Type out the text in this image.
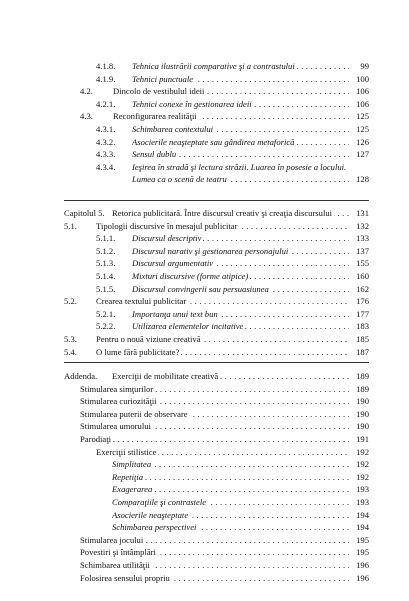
4.1.8. Tehnica ilustrării comparative şi a contrastului . . .	99
4.1.9. Tehnici punctuale . . .	100
4.2. Dincolo de vestibulul ideii . . .	106
4.2.1. Tehnici conexe în gestionarea ideii . . .	106
4.3. Reconfigurarea realităţii . . .	125
4.3.1. Schimbarea contextului . . .	125
4.3.2. Asocierile neaşteptate sau gândirea metaforică . . .	126
4.3.3. Sensul dublu . . .	127
4.3.4. Ieşirea în stradă şi lectura străzii. Luarea în posesie a locului.
Lumea ca o scenă de teatru . . .	128
Capitolul 5. Retorica publicitară. Între discursul creativ şi creaţia discursului . . .	131
5.1. Tipologii discursive în mesajul publicitar . . .	132
5.1.1. Discursul descriptiv . . .	133
5.1.2. Discursul narativ şi gestionarea personajului . . .	137
5.1.3. Discursul argumentativ . . .	155
5.1.4. Mixturi discursive (forme atipice) . . .	160
5.1.5. Discursul convingerii sau persuasiunea . . .	162
5.2. Crearea textului publicitar . . .	176
5.2.1. Importanţa unui text bun . . .	177
5.2.2. Utilizarea elementelor incitative . . .	183
5.3. Pentru o nouă viziune creativă . . .	185
5.4. O lume fără publicitate? . . .	187
Addenda. Exerciţii de mobilitate creativă . . .	189
Stimularea simţurilor . . .	189
Stimularea curiozităţii . . .	190
Stimularea puterii de observare . . .	190
Stimularea umorului . . .	190
Parodiaţi . . .	191
Exerciţii stilistice . . .	192
Simplitatea . . .	192
Repetiţia . . .	192
Exagerarea . . .	193
Comparaţiile şi contrastele . . .	193
Asocierile neaşteptate . . .	194
Schimbarea perspectivei . . .	194
Stimularea jocului . . .	195
Povestiri şi întâmplări . . .	195
Schimbarea utilităţii . . .	196
Folosirea sensului propriu . . .	196
